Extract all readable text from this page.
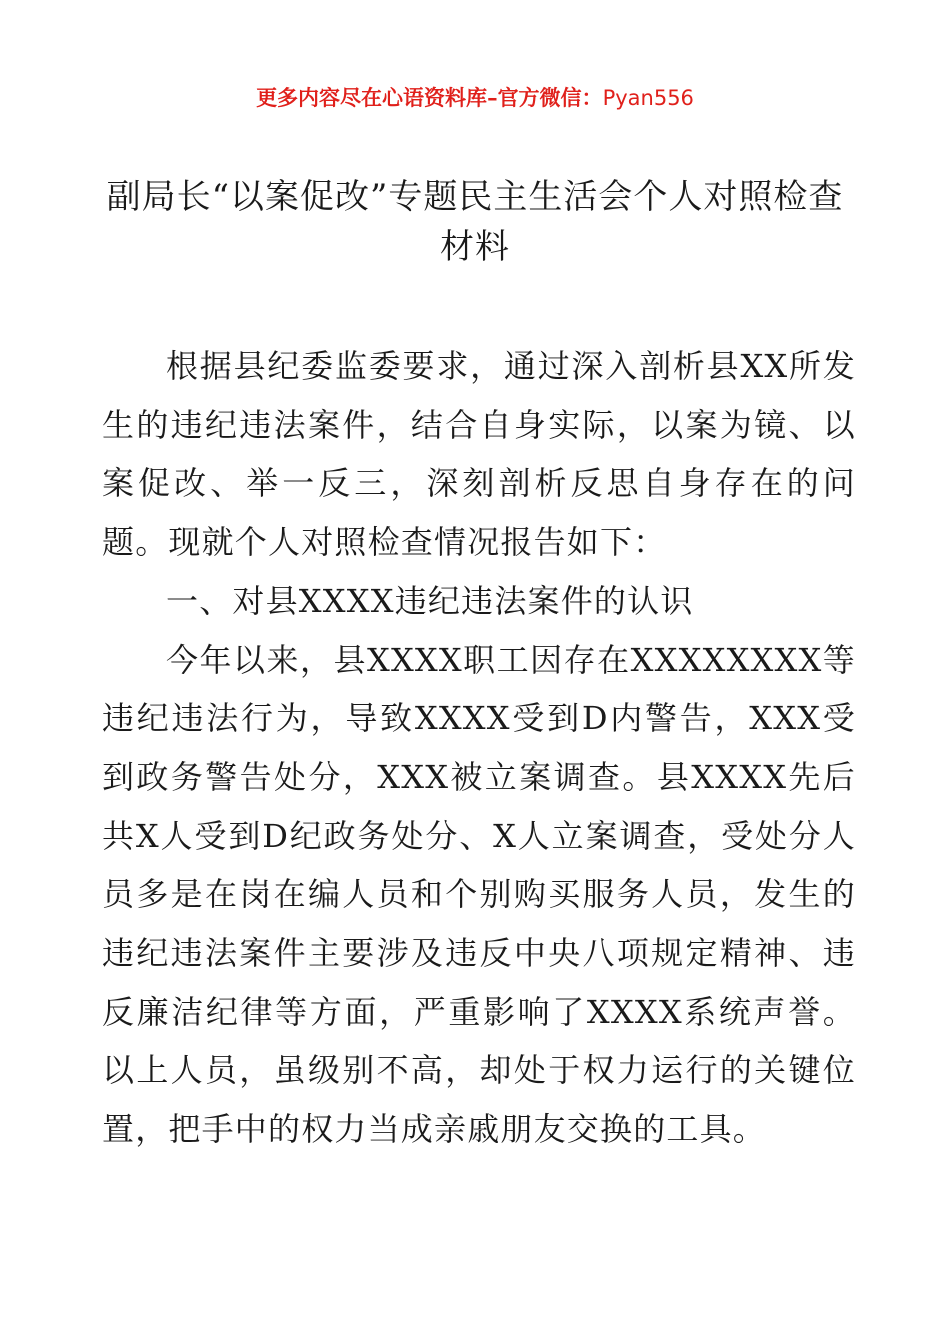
更多内容尽在心语资料库–官方微信：Pyan556
副局长“以案促改”专题民主生活会个人对照检查材料

根据县纪委监委要求，通过深入剖析县XX所发生的违纪违法案件，结合自身实际，以案为镜、以案促改、举一反三，深刻剖析反思自身存在的问题。现就个人对照检查情况报告如下：

一、对县XXXX违纪违法案件的认识

今年以来，县XXXX职工因存在XXXXXXXX等违纪违法行为，导致XXXX受到D内警告，XXX受到政务警告处分，XXX被立案调查。县XXXX先后共X人受到D纪政务处分、X人立案调查，受处分人员多是在岗在编人员和个别购买服务人员，发生的违纪违法案件主要涉及违反中央八项规定精神、违反廉洁纪律等方面，严重影响了XXXX系统声誉。以上人员，虽级别不高，却处于权力运行的关键位置，把手中的权力当成亲戚朋友交换的工具。
